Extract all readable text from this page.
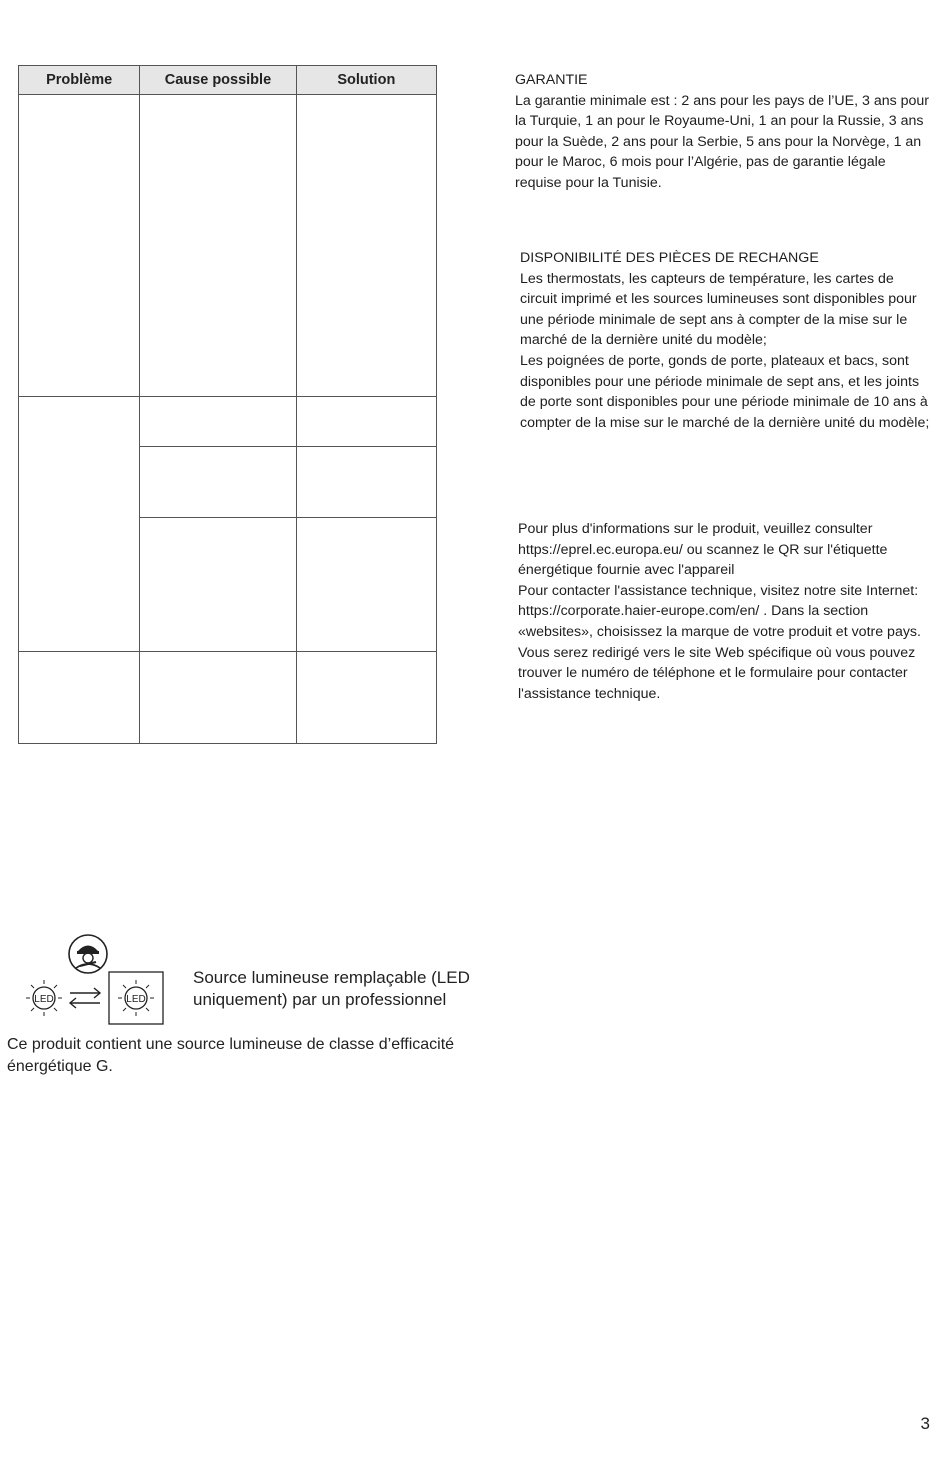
Problème	Cause possible	Solution

			GARANTIE

La garantie minimale est : 2 ans pour les pays de l’UE, 3 ans pour la Turquie, 1 an pour le Royaume-Uni, 1 an pour la Russie, 3 ans pour la Suède, 2 ans pour la Serbie, 5 ans pour la Norvège, 1 an pour le Maroc, 6 mois pour l’Algérie, pas de garantie légale requise pour la Tunisie.

DISPONIBILITÉ DES PIÈCES DE RECHANGE

Les thermostats, les capteurs de température, les cartes de circuit imprimé et les sources lumineuses sont disponibles pour une période minimale de sept ans à compter de la mise sur le marché de la dernière unité du modèle;

Les poignées de porte, gonds de porte, plateaux et bacs, sont disponibles pour une période minimale de sept ans, et les joints de porte sont disponibles pour une période minimale de 10 ans à compter de la mise sur le marché de la dernière unité du modèle;

Pour plus d'informations sur le produit, veuillez consulter https://eprel.ec.europa.eu/ ou scannez le QR sur l'étiquette énergétique fournie avec l'appareil

Pour contacter l'assistance technique, visitez notre site Internet: https://corporate.haier-europe.com/en/ . Dans la section «websites», choisissez la marque de votre produit et votre pays. Vous serez redirigé vers le site Web spécifique où vous pouvez trouver le numéro de téléphone et le formulaire pour contacter l'assistance technique.

LED	LED
Source lumineuse remplaçable (LED uniquement) par un professionnel
Ce produit contient une source lumineuse de classe d’efficacité énergétique G.
3
